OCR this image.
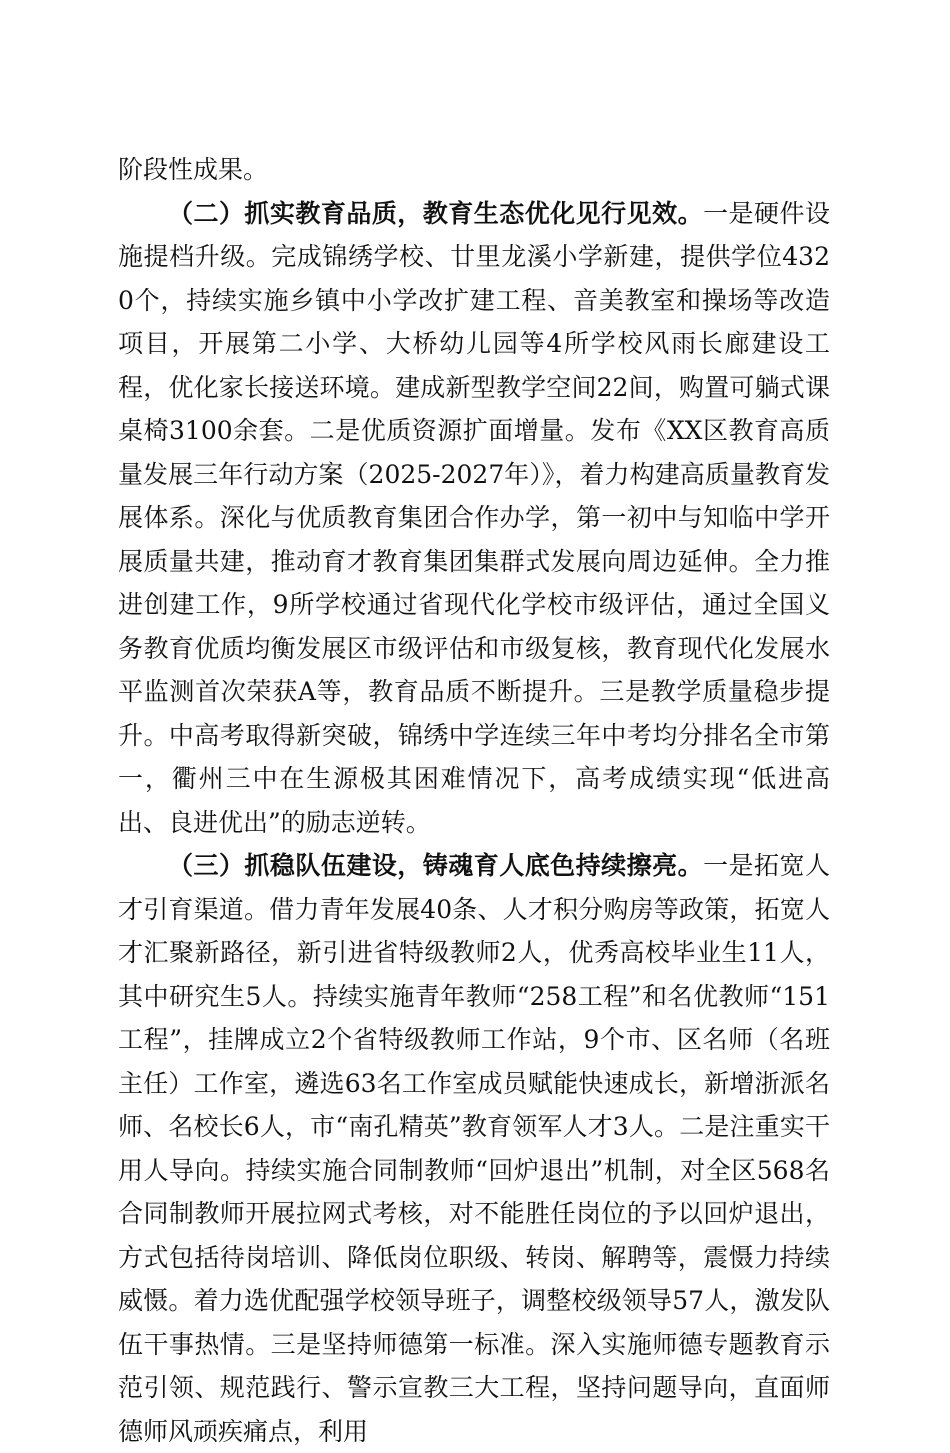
阶段性成果。

（二）抓实教育品质，教育生态优化见行见效。一是硬件设施提档升级。完成锦绣学校、廿里龙溪小学新建，提供学位4320个，持续实施乡镇中小学改扩建工程、音美教室和操场等改造项目，开展第二小学、大桥幼儿园等4所学校风雨长廊建设工程，优化家长接送环境。建成新型教学空间22间，购置可躺式课桌椅3100余套。二是优质资源扩面增量。发布《XX区教育高质量发展三年行动方案（2025-2027年）》，着力构建高质量教育发展体系。深化与优质教育集团合作办学，第一初中与知临中学开展质量共建，推动育才教育集团集群式发展向周边延伸。全力推进创建工作，9所学校通过省现代化学校市级评估，通过全国义务教育优质均衡发展区市级评估和市级复核，教育现代化发展水平监测首次荣获A等，教育品质不断提升。三是教学质量稳步提升。中高考取得新突破，锦绣中学连续三年中考均分排名全市第一，衢州三中在生源极其困难情况下，高考成绩实现“低进高出、良进优出”的励志逆转。

（三）抓稳队伍建设，铸魂育人底色持续擦亮。一是拓宽人才引育渠道。借力青年发展40条、人才积分购房等政策，拓宽人才汇聚新路径，新引进省特级教师2人，优秀高校毕业生11人，其中研究生5人。持续实施青年教师“258工程”和名优教师“151工程”，挂牌成立2个省特级教师工作站，9个市、区名师（名班主任）工作室，遴选63名工作室成员赋能快速成长，新增浙派名师、名校长6人，市“南孔精英”教育领军人才3人。二是注重实干用人导向。持续实施合同制教师“回炉退出”机制，对全区568名合同制教师开展拉网式考核，对不能胜任岗位的予以回炉退出，方式包括待岗培训、降低岗位职级、转岗、解聘等，震慑力持续威慑。着力选优配强学校领导班子，调整校级领导57人，激发队伍干事热情。三是坚持师德第一标准。深入实施师德专题教育示范引领、规范践行、警示宣教三大工程，坚持问题导向，直面师德师风顽疾痛点，利用
